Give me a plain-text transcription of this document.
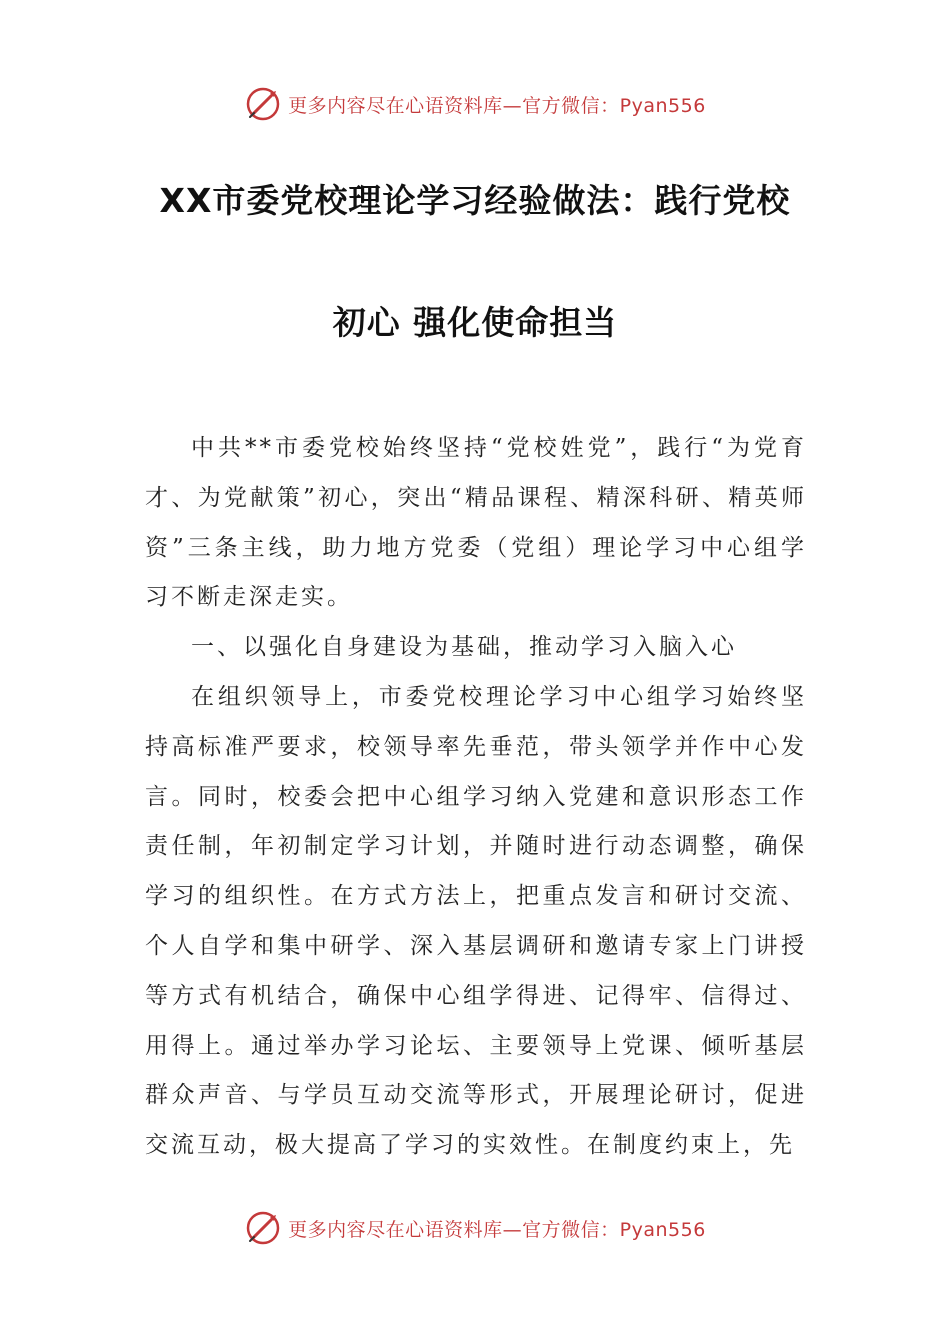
更多内容尽在心语资料库—官方微信：Pyan556
XX市委党校理论学习经验做法：践行党校
初心 强化使命担当

中共**市委党校始终坚持“党校姓党”，践行“为党育才、为党献策”初心，突出“精品课程、精深科研、精英师资”三条主线，助力地方党委（党组）理论学习中心组学习不断走深走实。

一、以强化自身建设为基础，推动学习入脑入心

在组织领导上，市委党校理论学习中心组学习始终坚持高标准严要求，校领导率先垂范，带头领学并作中心发言。同时，校委会把中心组学习纳入党建和意识形态工作责任制，年初制定学习计划，并随时进行动态调整，确保学习的组织性。在方式方法上，把重点发言和研讨交流、个人自学和集中研学、深入基层调研和邀请专家上门讲授等方式有机结合，确保中心组学得进、记得牢、信得过、用得上。通过举办学习论坛、主要领导上党课、倾听基层群众声音、与学员互动交流等形式，开展理论研讨，促进交流互动，极大提高了学习的实效性。在制度约束上，先

更多内容尽在心语资料库—官方微信：Pyan556
